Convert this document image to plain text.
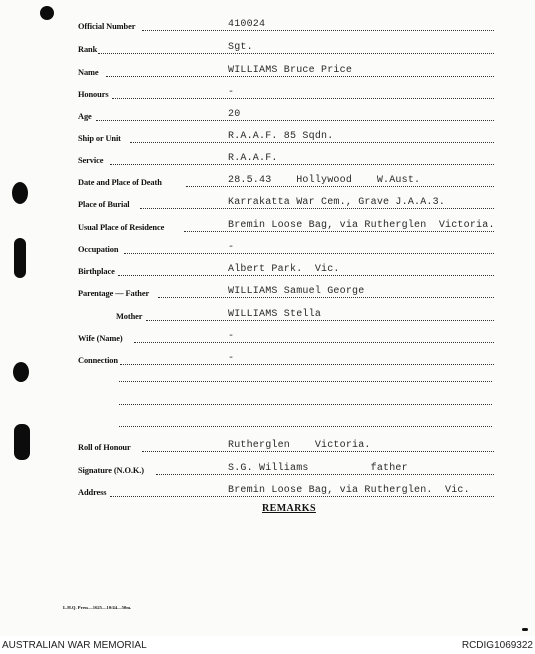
Official Number	410024
Rank	Sgt.
Name	WILLIAMS Bruce Price
Honours	-
Age	20
Ship or Unit	R.A.A.F. 85 Sqdn.
Service	R.A.A.F.
Date and Place of Death	28.5.43    Hollywood    W.Aust.
Place of Burial	Karrakatta War Cem., Grave J.A.A.3.
Usual Place of Residence	Bremin Loose Bag, via Rutherglen  Victoria.
Occupation	-
Birthplace	Albert Park.  Vic.
Parentage — Father	WILLIAMS Samuel George
Mother	WILLIAMS Stella
Wife (Name)	-
Connection	-
Roll of Honour	Rutherglen    Victoria.
Signature (N.O.K.)	S.G. Williams          father
Address	Bremin Loose Bag, via Rutherglen.  Vic.
REMARKS
L.H.Q. Press—1625—10/44—50m.
AUSTRALIAN WAR MEMORIAL	RCDIG1069322
